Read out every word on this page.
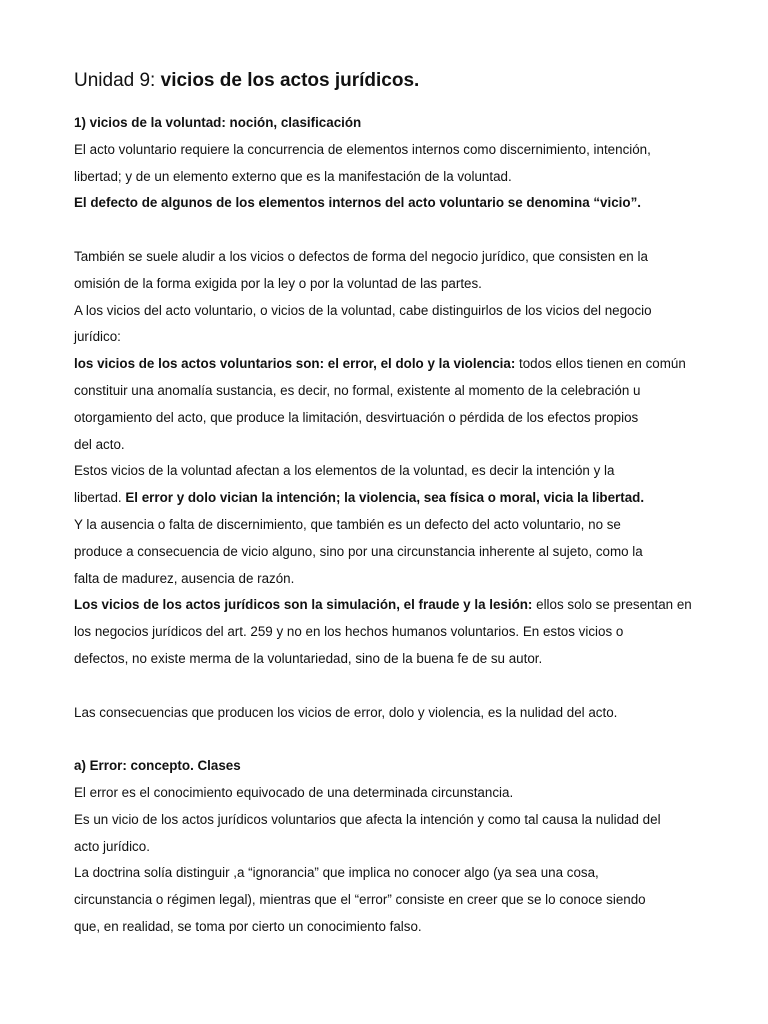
Unidad 9: vicios de los actos jurídicos.

1) vicios de la voluntad: noción, clasificación

El acto voluntario requiere la concurrencia de elementos internos como discernimiento, intención,

libertad; y de un elemento externo que es la manifestación de la voluntad.

El defecto de algunos de los elementos internos del acto voluntario se denomina “vicio”.

También se suele aludir a los vicios o defectos de forma del negocio jurídico, que consisten en la

omisión de la forma exigida por la ley o por la voluntad de las partes.

A los vicios del acto voluntario, o vicios de la voluntad, cabe distinguirlos de los vicios del negocio

jurídico:

los vicios de los actos voluntarios son: el error, el dolo y la violencia: todos ellos tienen en común

constituir una anomalía sustancia, es decir, no formal, existente al momento de la celebración u

otorgamiento del acto, que produce la limitación, desvirtuación o pérdida de los efectos propios

del acto.

Estos vicios de la voluntad afectan a los elementos de la voluntad, es decir la intención y la

libertad. El error y dolo vician la intención; la violencia, sea física o moral, vicia la libertad.

Y la ausencia o falta de discernimiento, que también es un defecto del acto voluntario, no se

produce a consecuencia de vicio alguno, sino por una circunstancia inherente al sujeto, como la

falta de madurez, ausencia de razón.

Los vicios de los actos jurídicos son la simulación, el fraude y la lesión: ellos solo se presentan en

los negocios jurídicos del art. 259 y no en los hechos humanos voluntarios. En estos vicios o

defectos, no existe merma de la voluntariedad, sino de la buena fe de su autor.

Las consecuencias que producen los vicios de error, dolo y violencia, es la nulidad del acto.

a) Error: concepto. Clases

El error es el conocimiento equivocado de una determinada circunstancia.

Es un vicio de los actos jurídicos voluntarios que afecta la intención y como tal causa la nulidad del

acto jurídico.

La doctrina solía distinguir ,a “ignorancia” que implica no conocer algo (ya sea una cosa,

circunstancia o régimen legal), mientras que el “error” consiste en creer que se lo conoce siendo

que, en realidad, se toma por cierto un conocimiento falso.
